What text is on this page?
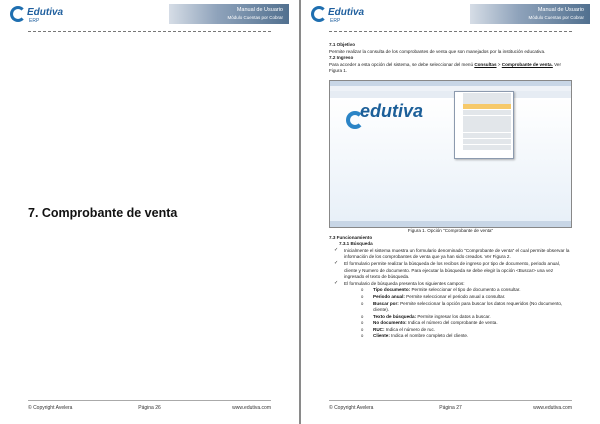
Edutiva
ERP
Manual de Usuario
Módulo Cuentas por Cobrar
7. Comprobante de venta
© Copyright Avelera	Página 26	www.edutiva.com
Edutiva
ERP
Manual de Usuario
Módulo Cuentas por Cobrar

7.1 Objetivo

Permite realizar la consulta de los comprobantes de venta que son manejados por la institución educativa.

7.2 Ingreso

Para acceder a esta opción del sistema, se debe seleccionar del menú Consultas > Comprobante de venta. Ver Figura 1.

edutiva

Figura 1. Opción "Comprobante de venta"

7.3 Funcionamiento

7.3.1 Búsqueda

✓ Inicialmente el sistema muestra un formulario denominado "Comprobante de venta" el cual permite observar la información de los comprobantes de venta que ya han sido creados. Ver Figura 2.
✓ El formulario permite realizar la búsqueda de los recibos de ingreso por tipo de documento, periodo anual, cliente y Numero de documento. Para ejecutar la búsqueda se debe elegir la opción <Buscar> una vez ingresado el texto de búsqueda.
✓ El formulario de búsqueda presenta los siguientes campos:
o Tipo documento: Permite seleccionar el tipo de documento a consultar.
o Periodo anual: Permite seleccionar el periodo anual a consultar.
o Buscar por: Permite seleccionar la opción para buscar los datos requeridos (No documento, cliente).
o Texto de búsqueda: Permite ingresar los datos a buscar.
o No documento: Indica el número del comprobante de venta.
o RUC: Indica el número de ruc.
o Cliente: Indica el nombre completo del cliente.
© Copyright Avelera	Página 27	www.edutiva.com
